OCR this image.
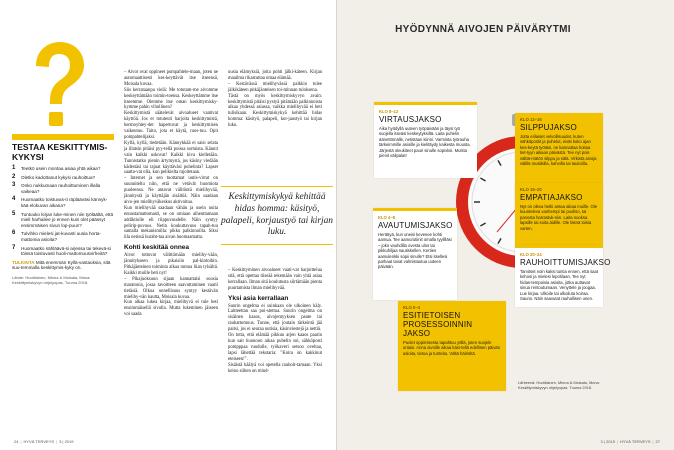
TESTAA KESKITTYMIS-KYKYSI
1 Teetkö usein montaa asiaa yhtä aikaa?
2 Oletko kadottanut kykysi rauhoittua?
3 Onko nukkumaan rauhoittuminen illalla vaikeaa?
4 Huomaatko toistuvas-ti räplääväsi kännyk-kää elokuvan aikana?
5 Tuntuuko kirjan luke-minen niin työläältä, että mieli harhailee jo ennen kuin olet päässyt ensimmäisen sivun lop-puun?
6 Tulvihko mielesi jat-kuvasti uusia horta-mattomia asioita?
7 Huomaatko sähläävä-si arjessa tai tekevä-si töissä toistuvasti huoli-mattomuusvirheitä?
TULKINTA Mitä enemmän Kyllä-vastauksia, sitä suu-temmalla keskittymis-kyky on.
Lähde: Huotilainen, Minna & Moisala, Mona: Keskittymiskyvyn ohjelyopas. Tuuma 2018.

– Aivot ovat oppineet pompahtele-maan, joten ne automaattisesti kes-keyttävät itse itseensä, Moisala kuvaa.

Siis kerrataanpa vielä: Me totutam-me aivomme keskeyttämään toimin-toensa. Keskeyttämme itse itseemme. Olemme itse oman keskittymisky-kymme pahin vihollinen?

Keskittymistä säätelevät aivoalueet vaativat käyttöä. Jos et totuteuti harjoita keskittymistä, hermoyhtey-det hapertuvat ja keskittymisen vaikeutuu. Taito, jota et käytä, ruos-tuu. Opit pompahtelijaksi.

Kyllä, kyllä, tiedetään. Kännykkää ei saisi selata ja illatsin pitäisi pyy-tellä poissa sormista. Kännit vain kaikki uskovat! Kaikki kiva kielletään. Tunnistatko pienin ärtymystä, jos käsiny viedään kädestäsi tai tajuat käyttäväsi puhelinta? Lapset saatta-vat olla, kun pelikielta rajoitetaan.

– Internet ja sen tuottamat uutis-virrat on suunniteltu niin, että ne vetävät huomiota puoleensa. Ne antavat välitöntä mielihyvää, jännitystä ja käyttäjän sisältöä. Näin saadaan aivo-jen mielihyväkeskus aktivoitua.

Kun mielihyvää saadaan vähän ja usein nuita ennustamattomasti, se on omiaan aiheuttamaan addiktiolle eli riippuvuudelle. Näin syntyy pelirip-puvuus. Netin koukuttavuus tapah-tuu samalla mekanismilla: pikku palkinnoilla. Siksi illa netissä huraht-taa aivan huomaamatta.

Kohti keskitää onnea

Aivot tottuvat välittömään mielihy-vään, jännitykseen ja pikaisiin pal-kintoihin. Pitkäjänteinen toiminta alkaa tuntua liian tylsältä. Kaikki muille heti nyt!

– Pikajuoksuun sijaan kannattaisi suosia maratonia, jossa tavoitteen saavuttaminen vaatii tietäsiä. Olkoa onnellisuus syntyy kestävän mielihy-vän kautta, Moisala kuvaa.

Kun alkaa lukea kirjaa, mielihyvä ei tule heti ensimmäisellä sivulla. Mutta lukeminen jäiseen voi saada

uusia elämyksiä, joita pohti jälki-käteen. Kirjan maailma rikastuttaa omaa elämää.

– Kestävässä mielihyvässä palkkio tulee jälkikäteen pitkäjänteisen toi-minnan tuloksena.

Tästä on myös keskittymiskyvyn avain: keskittymistä pitäisi pystyä pitämään palkinnoista aikaa yhdessä asiassa, vaikka mielihyvää ei heti tulisikaan. Keskittymiskykyä kehittää hidas homma: käsityö, palapeli, kor-jaustyö tai kirjan luku.

Keskittymiskykyä kehittää hidas homma: käsityö, palapeli, korjaustyö tai kirjan luku.

– Keskittyminen aivoalueet vaati-vat harjoittelua sitä, että opettaa tiiseää tekemään vain yhtä asiaa kerrallaan. Ilman sitä koulutusta siirtämään pienta puurtamista ilman mielihyvää.

Yksi asia kerrallaan

Suurin ongelma ei suinkaan ole ulkoinen häly. Laitteettan saa poi-stettua. Suurin ongelma on sisäinen kaaos, aivojentyyksen paute tai rauhattomuus. Tunne, että joutain tärkeintä jää paitsi, jos ei seuraa uutisia, käsinviestejä ja nettiä.

On totta, että elämää pikkuu arjen kaaos paarin kun sait huonoon aikaa puhelin soi, sähköposti pompppaa ruudulle, työkaveri setsoo oveltaa, lapsi lähettää tekstaria: "Koira on kakkinut eteiseen!".

Sisäistä häälyä voi opetella rauhoit-tamaan. Yksi keino siihen on mind-

24 | HYVÄ TERVEYS | 3 | 2019
HYÖDYNNÄ AIVOJEN PÄIVÄRYTMI
KLO 8–12
VIRTAUSJAKSO
Aika hyödyllä uuteen työpäivään ja täysi työ suojella itseäsi keskeytyksiltä. Laita puhelin äänettömälle, netistäan kiinni. Varmista työrauha tärkeimmille asioille ja kielitäydy kaikesta muusta. Järjestä oleukiteet pauri sinulle sopivksi. Muista pienit välipalat!
KLO 12–16
SILPPUJAKSO
Jotta erilaiset velvollisuudet, kuten sähköpostit ja puhelut, eivät koko ajan kes-keytä työtäsi, ne kannattaa hoitaa tiet-tyyn aikaan päivästä. Tee nyt pois välttä-mätön silppu ja sälä. Virkistä aivoja välillä musiikilla, kahvilla tai taukoilla.
KLO 4–8
AVAUTUMISJAKSO
Herättyä, kun uneisi keveneе kohti aamua. Tee aamurutiinit omalla tyylilläsi – joko vauhdilla ovesta ulos tai pikkuhiljaa nautiskellen. Kerties aamulenkki sopii sinulle? Etsi itsellesi parhaat tavat valmistautua uuteen päivään.
KLO 16–20
EMPATIAJAKSO
Nyt on oikea hetki antaa aikaa muille. Ole kuunteleva vanhempi tai puoliso, tai panosta harrastuk-siin. Laita nuoksa lapsille tai soita äidille. Ole läsnä toisia varten.
KLO 20–24
RAUHOITTUMISJAKSO
Tarvitset noin kaksi tuntia ennen, että saat kehosi ja mielesi lepotilaan. Tee nyt hidas-tempoisia asioita, jotka auttavat sinua rentoutumaan. Venyttele ja joogaa. Lue kirjaa. Ulkoile tai ulkoilutа koiraa. Sauno. Näin saavutat rauhallisen unen.
KLO 0–4
ESITIETOISEN PROSESSOINNIN JAKSO
Puolet oppimisesta tapahtuu yöllä, joten suojele untasi. Anna aivoille aikaa käsi-tellä edellisen päivän asioita, tietoa ja tunteita. Vältä häiriöitä.
Lähteenä: Huotilainen, Minna & Moisala, Mona: Keskittymiskyvyn ohjelyopas. Tuuma 2018.
3 | 2019 | HYVÄ TERVEYS | 27
